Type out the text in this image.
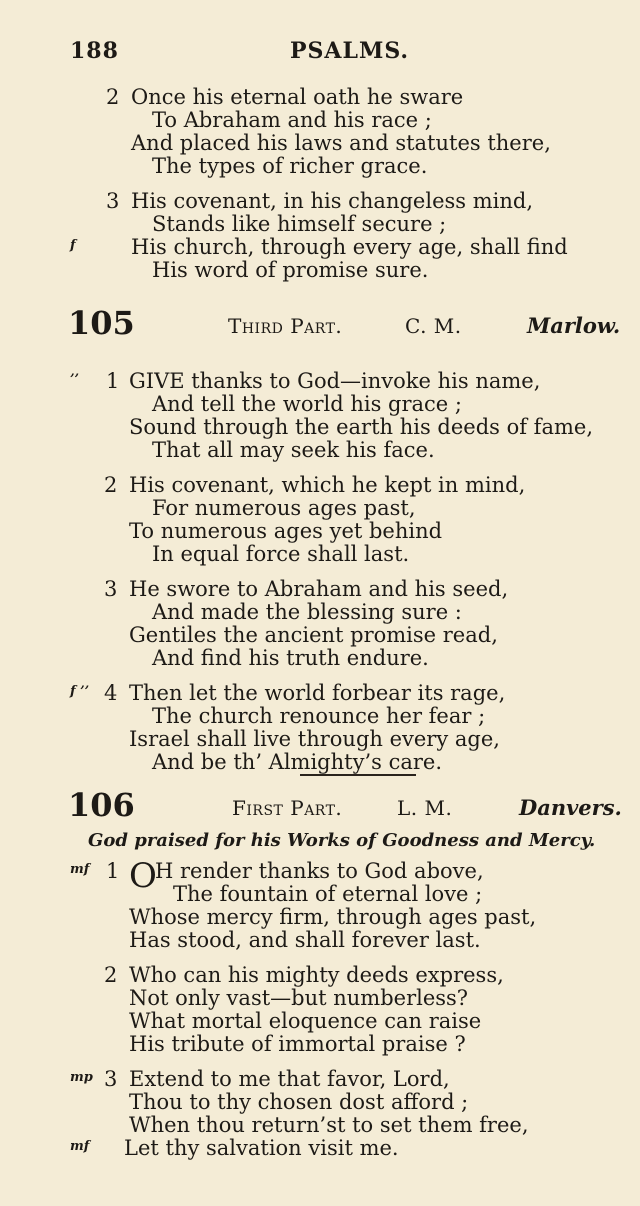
188	PSALMS.
2 Once his eternal oath he sware
To Abraham and his race ;
And placed his laws and statutes there,
The types of richer grace.
3 His covenant, in his changeless mind,
Stands like himself secure ;
f	His church, through every age, shall find
His word of promise sure.
105	Third Part.	C. M.	Marlow.
’’ 1 GIVE thanks to God—invoke his name,
And tell the world his grace ;
Sound through the earth his deeds of fame,
That all may seek his face.
2 His covenant, which he kept in mind,
For numerous ages past,
To numerous ages yet behind
In equal force shall last.
3 He swore to Abraham and his seed,
And made the blessing sure :
Gentiles the ancient promise read,
And find his truth endure.
f ’’ 4 Then let the world forbear its rage,
The church renounce her fear ;
Israel shall live through every age,
And be th’ Almighty’s care.
106	First Part.	L. M.	Danvers.
God praised for his Works of Goodness and Mercy.
mf 1 O
H render thanks to God above,
The fountain of eternal love ;
Whose mercy firm, through ages past,
Has stood, and shall forever last.
2 Who can his mighty deeds express,
Not only vast—but numberless?
What mortal eloquence can raise
His tribute of immortal praise ?
mp 3 Extend to me that favor, Lord,
Thou to thy chosen dost afford ;
When thou return’st to set them free,
mf Let thy salvation visit me.
